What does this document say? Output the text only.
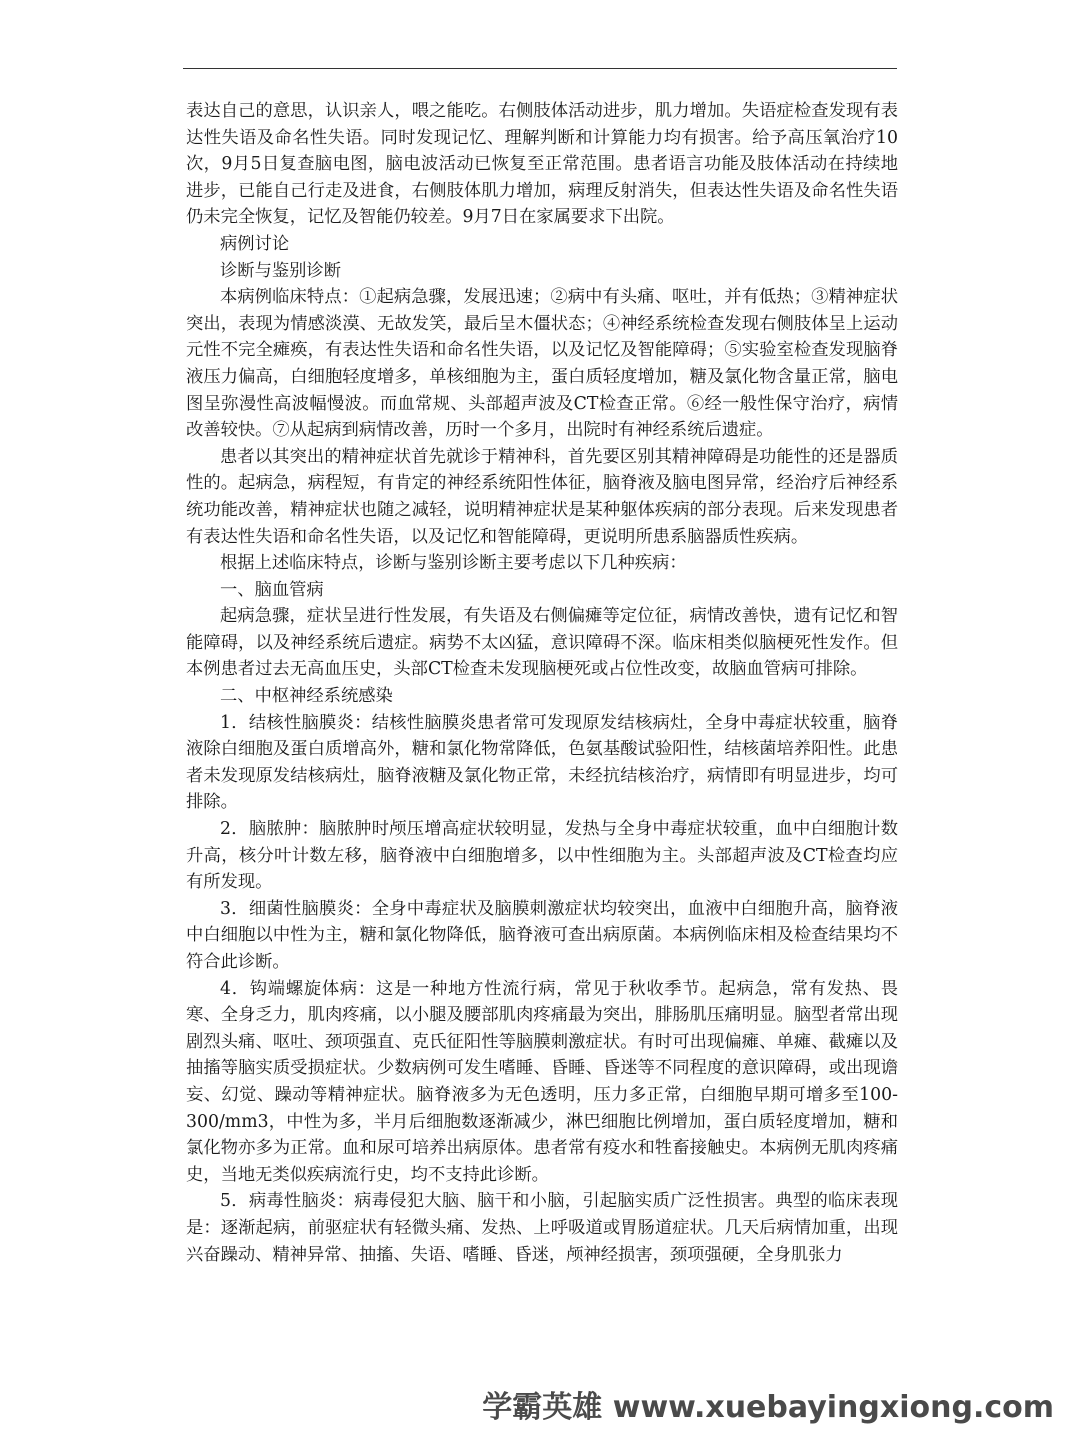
表达自己的意思，认识亲人，喂之能吃。右侧肢体活动进步，肌力增加。失语症检查发现有表达性失语及命名性失语。同时发现记忆、理解判断和计算能力均有损害。给予高压氧治疗10次，9月5日复查脑电图，脑电波活动已恢复至正常范围。患者语言功能及肢体活动在持续地进步，已能自己行走及进食，右侧肢体肌力增加，病理反射消失，但表达性失语及命名性失语仍未完全恢复，记忆及智能仍较差。9月7日在家属要求下出院。

病例讨论

诊断与鉴别诊断

本病例临床特点：①起病急骤，发展迅速；②病中有头痛、呕吐，并有低热；③精神症状突出，表现为情感淡漠、无故发笑，最后呈木僵状态；④神经系统检查发现右侧肢体呈上运动元性不完全瘫痪，有表达性失语和命名性失语，以及记忆及智能障碍；⑤实验室检查发现脑脊液压力偏高，白细胞轻度增多，单核细胞为主，蛋白质轻度增加，糖及氯化物含量正常，脑电图呈弥漫性高波幅慢波。而血常规、头部超声波及CT检查正常。⑥经一般性保守治疗，病情改善较快。⑦从起病到病情改善，历时一个多月，出院时有神经系统后遗症。

患者以其突出的精神症状首先就诊于精神科，首先要区别其精神障碍是功能性的还是器质性的。起病急，病程短，有肯定的神经系统阳性体征，脑脊液及脑电图异常，经治疗后神经系统功能改善，精神症状也随之减轻，说明精神症状是某种躯体疾病的部分表现。后来发现患者有表达性失语和命名性失语，以及记忆和智能障碍，更说明所患系脑器质性疾病。

根据上述临床特点，诊断与鉴别诊断主要考虑以下几种疾病：

一、脑血管病

起病急骤，症状呈进行性发展，有失语及右侧偏瘫等定位征，病情改善快，遗有记忆和智能障碍，以及神经系统后遗症。病势不太凶猛，意识障碍不深。临床相类似脑梗死性发作。但本例患者过去无高血压史，头部CT检查未发现脑梗死或占位性改变，故脑血管病可排除。

二、中枢神经系统感染

1．结核性脑膜炎：结核性脑膜炎患者常可发现原发结核病灶，全身中毒症状较重，脑脊液除白细胞及蛋白质增高外，糖和氯化物常降低，色氨基酸试验阳性，结核菌培养阳性。此患者未发现原发结核病灶，脑脊液糖及氯化物正常，未经抗结核治疗，病情即有明显进步，均可排除。

2．脑脓肿：脑脓肿时颅压增高症状较明显，发热与全身中毒症状较重，血中白细胞计数升高，核分叶计数左移，脑脊液中白细胞增多，以中性细胞为主。头部超声波及CT检查均应有所发现。

3．细菌性脑膜炎：全身中毒症状及脑膜刺激症状均较突出，血液中白细胞升高，脑脊液中白细胞以中性为主，糖和氯化物降低，脑脊液可查出病原菌。本病例临床相及检查结果均不符合此诊断。

4．钩端螺旋体病：这是一种地方性流行病，常见于秋收季节。起病急，常有发热、畏寒、全身乏力，肌肉疼痛，以小腿及腰部肌肉疼痛最为突出，腓肠肌压痛明显。脑型者常出现剧烈头痛、呕吐、颈项强直、克氏征阳性等脑膜刺激症状。有时可出现偏瘫、单瘫、截瘫以及抽搐等脑实质受损症状。少数病例可发生嗜睡、昏睡、昏迷等不同程度的意识障碍，或出现谵妄、幻觉、躁动等精神症状。脑脊液多为无色透明，压力多正常，白细胞早期可增多至100-300/mm3，中性为多，半月后细胞数逐渐减少，淋巴细胞比例增加，蛋白质轻度增加，糖和氯化物亦多为正常。血和尿可培养出病原体。患者常有疫水和牲畜接触史。本病例无肌肉疼痛史，当地无类似疾病流行史，均不支持此诊断。

5．病毒性脑炎：病毒侵犯大脑、脑干和小脑，引起脑实质广泛性损害。典型的临床表现是：逐渐起病，前驱症状有轻微头痛、发热、上呼吸道或胃肠道症状。几天后病情加重，出现兴奋躁动、精神异常、抽搐、失语、嗜睡、昏迷，颅神经损害，颈项强硬，全身肌张力

学霸英雄 www.xuebayingxiong.com
